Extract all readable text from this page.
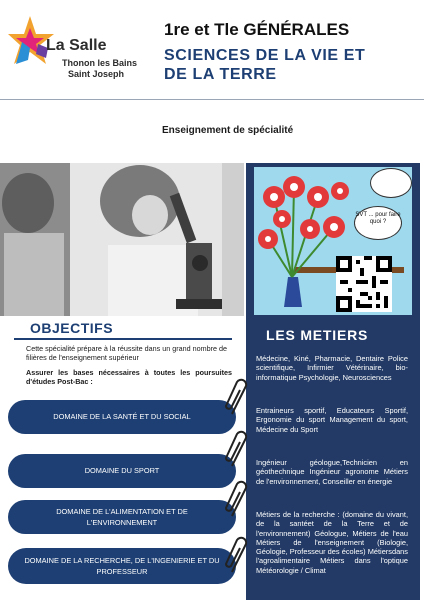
La Salle
Thonon les Bains
Saint Joseph
1re et Tle GÉNÉRALES
SCIENCES DE LA VIE ET
DE LA TERRE
Enseignement de spécialité
SVT ... pour faire quoi ?
LES METIERS
Médecine, Kiné, Pharmacie, Dentaire Police scientifique, Infirmier Vétérinaire, bio-informatique Psychologie, Neurosciences
Entraineurs sportif, Educateurs Sportif, Ergonomie du sport Management du sport, Médecine du Sport
Ingénieur géologue,Technicien en géothechnique Ingénieur agronome Métiers de l'environnement, Conseiller en énergie
Métiers de la recherche : (domaine du vivant, de la santéet de la Terre et de l'environnement) Géologue, Métiers de l'eau Métiers de l'enseignement (Biologie, Géologie, Professeur des écoles) Métiersdans l'agroalimentaire Métiers dans l'optique Météorologie / Climat
OBJECTIFS
Cette spécialité prépare à la réussite dans un grand nombre de filières de l'enseignement supérieur
Assurer les bases nécessaires à toutes les poursuites d'études Post-Bac :
DOMAINE DE LA SANTÉ ET DU SOCIAL
DOMAINE DU SPORT
DOMAINE DE L'ALIMENTATION ET DE L'ENVIRONNEMENT
DOMAINE DE LA RECHERCHE, DE L'INGENIERIE ET DU PROFESSEUR
